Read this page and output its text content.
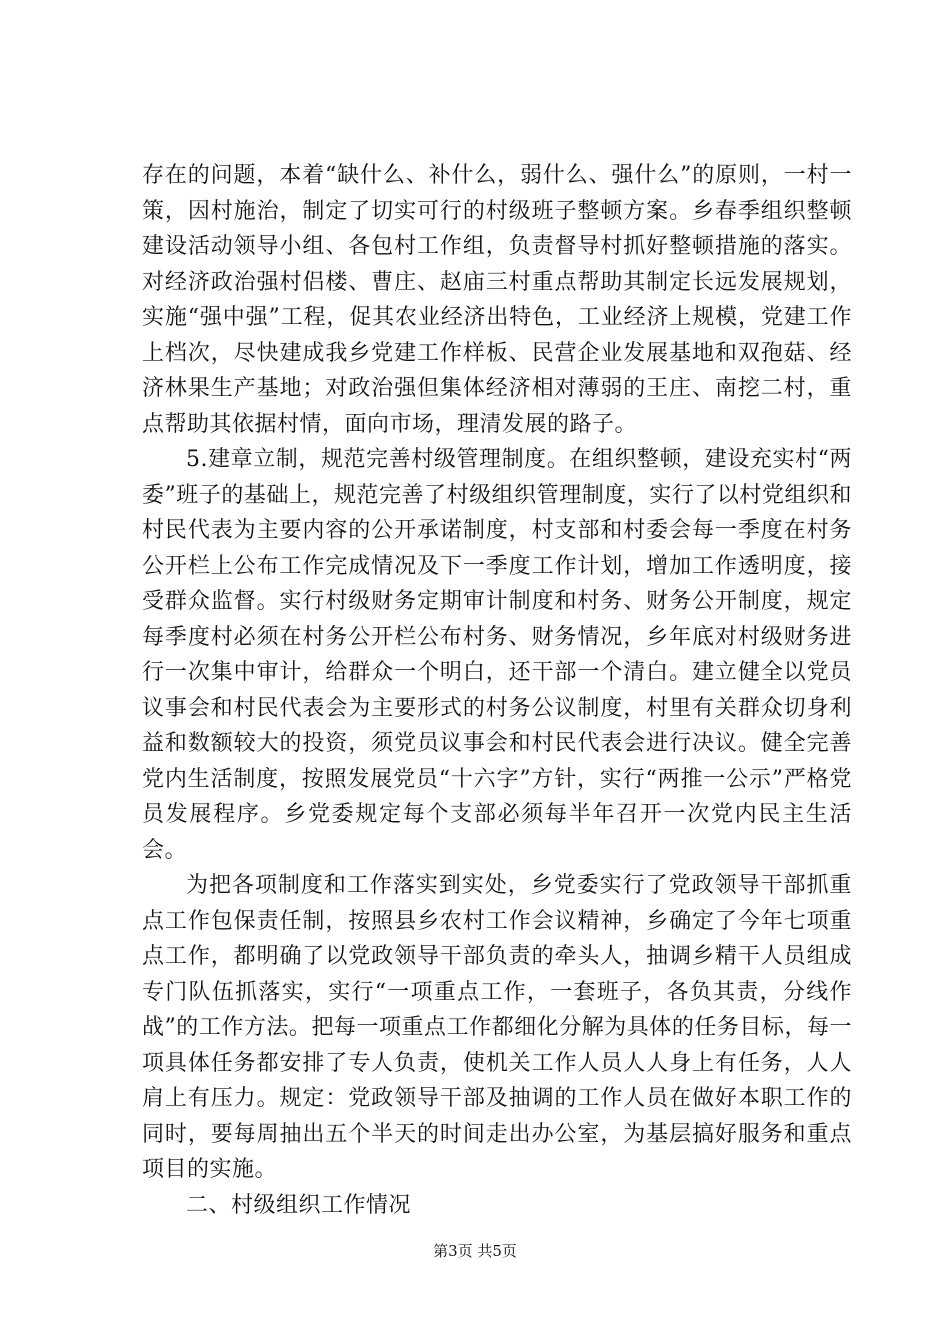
存在的问题，本着“缺什么、补什么，弱什么、强什么”的原则，一村一策，因村施治，制定了切实可行的村级班子整顿方案。乡春季组织整顿建设活动领导小组、各包村工作组，负责督导村抓好整顿措施的落实。对经济政治强村侣楼、曹庄、赵庙三村重点帮助其制定长远发展规划，实施“强中强”工程，促其农业经济出特色，工业经济上规模，党建工作上档次，尽快建成我乡党建工作样板、民营企业发展基地和双孢菇、经济林果生产基地；对政治强但集体经济相对薄弱的王庄、南挖二村，重点帮助其依据村情，面向市场，理清发展的路子。

5.建章立制，规范完善村级管理制度。在组织整顿，建设充实村“两委”班子的基础上，规范完善了村级组织管理制度，实行了以村党组织和村民代表为主要内容的公开承诺制度，村支部和村委会每一季度在村务公开栏上公布工作完成情况及下一季度工作计划，增加工作透明度，接受群众监督。实行村级财务定期审计制度和村务、财务公开制度，规定每季度村必须在村务公开栏公布村务、财务情况，乡年底对村级财务进行一次集中审计，给群众一个明白，还干部一个清白。建立健全以党员议事会和村民代表会为主要形式的村务公议制度，村里有关群众切身利益和数额较大的投资，须党员议事会和村民代表会进行决议。健全完善党内生活制度，按照发展党员“十六字”方针，实行“两推一公示”严格党员发展程序。乡党委规定每个支部必须每半年召开一次党内民主生活会。

为把各项制度和工作落实到实处，乡党委实行了党政领导干部抓重点工作包保责任制，按照县乡农村工作会议精神，乡确定了今年七项重点工作，都明确了以党政领导干部负责的牵头人，抽调乡精干人员组成专门队伍抓落实，实行“一项重点工作，一套班子，各负其责，分线作战”的工作方法。把每一项重点工作都细化分解为具体的任务目标，每一项具体任务都安排了专人负责，使机关工作人员人人身上有任务，人人肩上有压力。规定：党政领导干部及抽调的工作人员在做好本职工作的同时，要每周抽出五个半天的时间走出办公室，为基层搞好服务和重点项目的实施。

二、村级组织工作情况

第3页 共5页
